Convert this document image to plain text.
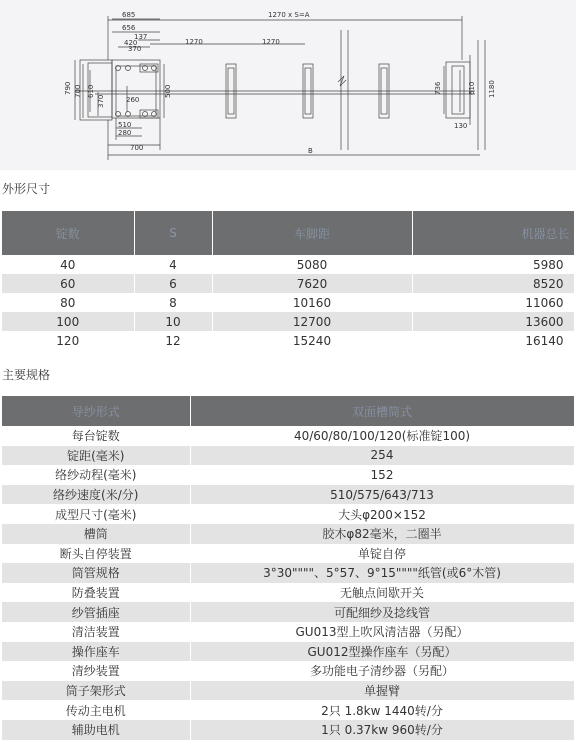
1270 x S=A
685
656
137
420
370
1270	1270
790 700 610
370	260
500	736	610 1180
510
280
130
700	B
外形尺寸
锭数	S	车脚距	机器总长
40	4	5080	5980
60	6	7620	8520
80	8	10160	11060
100	10	12700	13600
120	12	15240	16140
主要规格
导纱形式	双面槽筒式
每台锭数	40/60/80/100/120(标准锭100)
锭距(毫米)	254
络纱动程(毫米)	152
络纱速度(米/分)	510/575/643/713
成型尺寸(毫米)	大头φ200×152
槽筒	胶木φ82毫米，二圈半
断头自停装置	单锭自停
筒管规格	3°30""""、5°57、9°15""""纸管(或6°木管)
防叠装置	无触点间歇开关
纱管插座	可配细纱及捻线管
清洁装置	GU013型上吹风清洁器（另配）
操作座车	GU012型操作座车（另配）
清纱装置	多功能电子清纱器（另配）
筒子架形式	单握臂
传动主电机	2只 1.8kw 1440转/分
辅助电机	1只 0.37kw 960转/分
